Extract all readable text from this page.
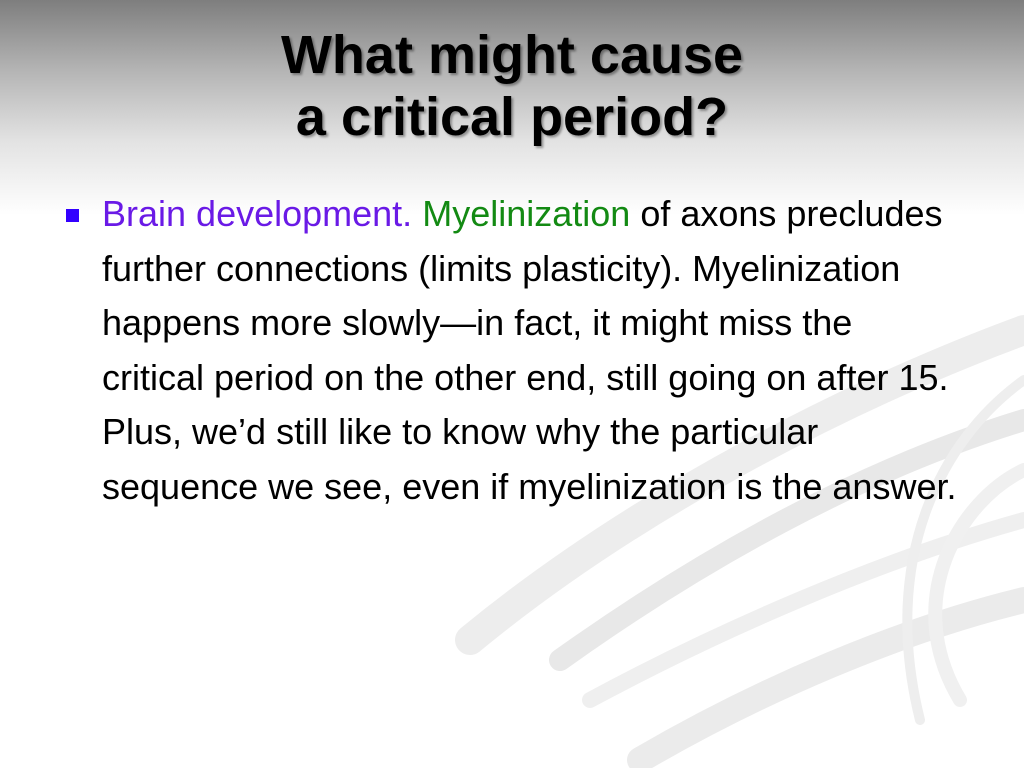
What might cause
a critical period?
Brain development. Myelinization of axons precludes further connections (limits plasticity). Myelinization happens more slowly—in fact, it might miss the critical period on the other end, still going on after 15. Plus, we’d still like to know why the particular sequence we see, even if myelinization is the answer.
